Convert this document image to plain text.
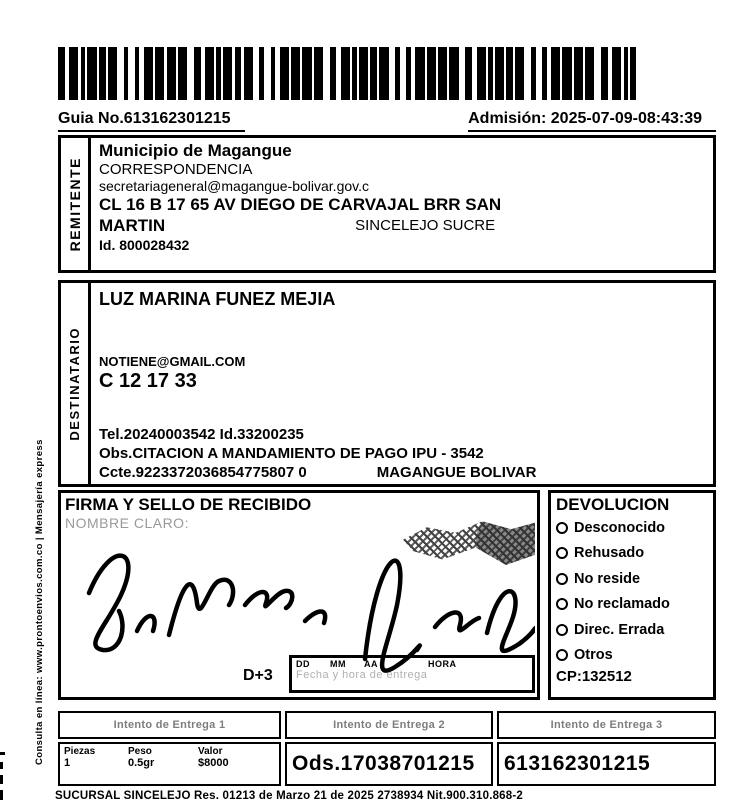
Consulta en línea: www.prontoenvios.com.co | Mensajería express
Guia No.613162301215	Admisión: 2025-07-09-08:43:39
REMITENTE
Municipio de Magangue
CORRESPONDENCIA
secretariageneral@magangue-bolivar.gov.c
CL 16 B 17 65 AV DIEGO DE CARVAJAL BRR SAN
MARTIN	SINCELEJO SUCRE
Id. 800028432
DESTINATARIO
LUZ MARINA FUNEZ MEJIA
NOTIENE@GMAIL.COM
C 12 17 33
Tel.20240003542 Id.33200235
Obs.CITACION A MANDAMIENTO DE PAGO IPU - 3542
Ccte.9223372036854775807 0	MAGANGUE BOLIVAR
FIRMA Y SELLO DE RECIBIDO
NOMBRE CLARO:
D+3
DD	MM	AA	HORA
Fecha y hora de entrega
DEVOLUCION
Desconocido
Rehusado
No reside
No reclamado
Direc. Errada
Otros
CP:132512
Intento de Entrega 1	Intento de Entrega 2	Intento de Entrega 3
Piezas	Peso	Valor
1	0.5gr	$8000	Ods.17038701215 613162301215
SUCURSAL SINCELEJO Res. 01213 de Marzo 21 de 2025 2738934 Nit.900.310.868-2
